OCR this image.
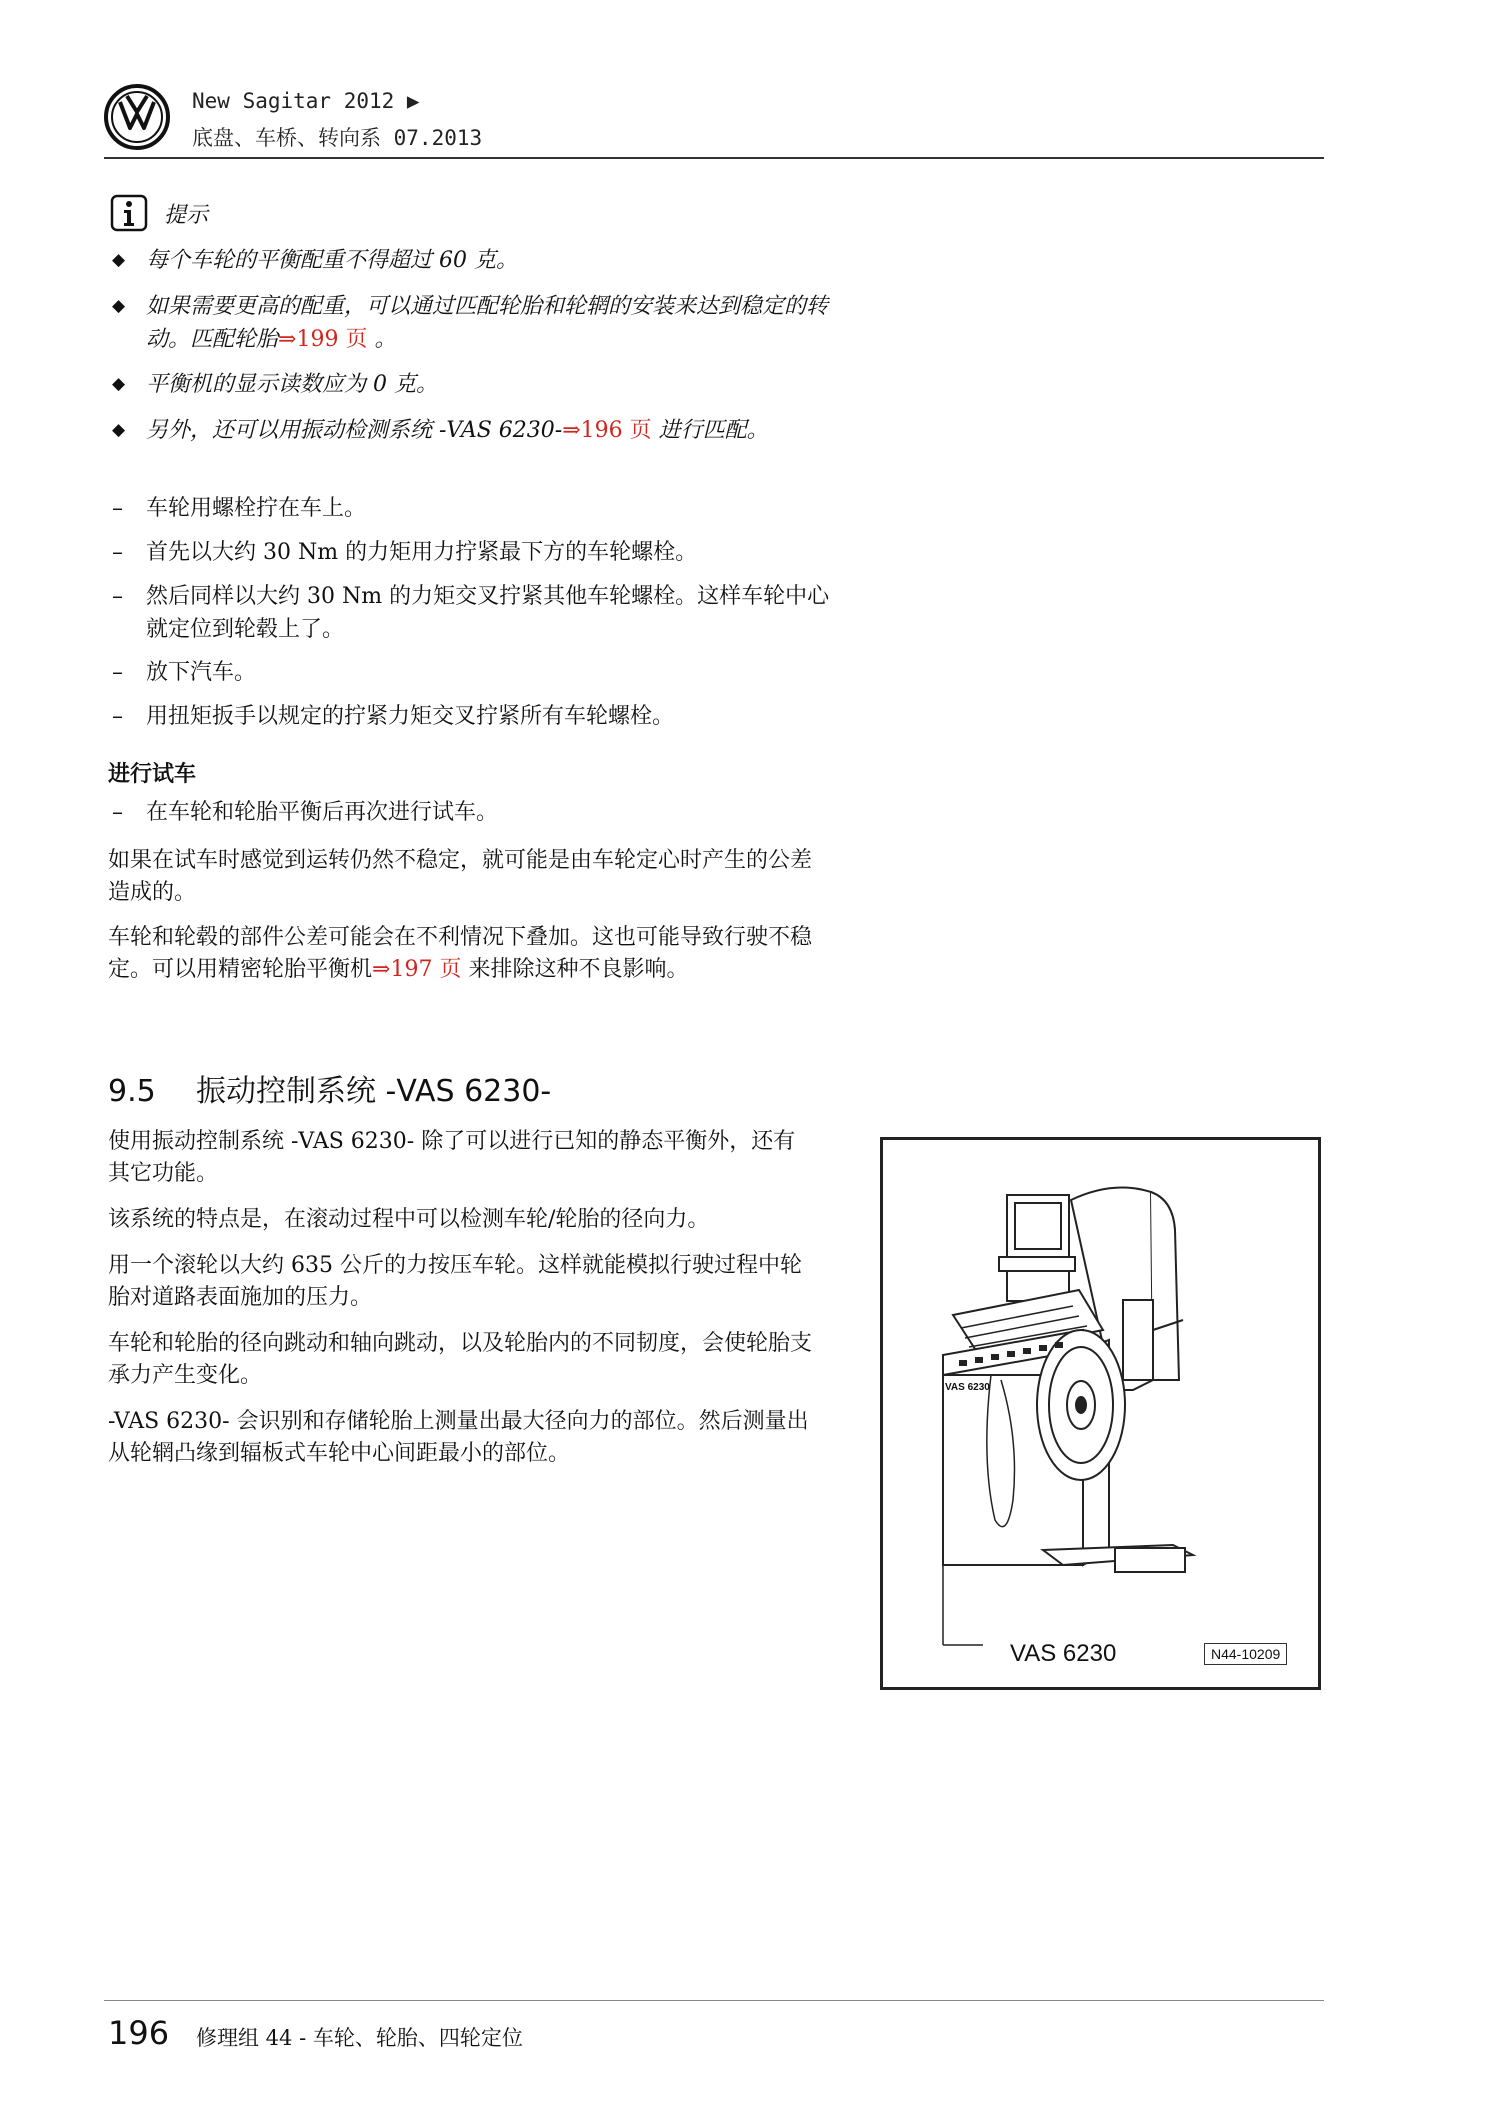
New Sagitar 2012 ▶
底盘、车桥、转向系 07.2013
提示
◆ 每个车轮的平衡配重不得超过 60 克。
◆ 如果需要更高的配重，可以通过匹配轮胎和轮辋的安装来达到稳定的转动。匹配轮胎⇒199 页 。
◆ 平衡机的显示读数应为 0 克。
◆ 另外，还可以用振动检测系统 -VAS 6230-⇒196 页 进行匹配。
–	车轮用螺栓拧在车上。
–	首先以大约 30 Nm 的力矩用力拧紧最下方的车轮螺栓。
–	然后同样以大约 30 Nm 的力矩交叉拧紧其他车轮螺栓。这样车轮中心就定位到轮毂上了。
–	放下汽车。
–	用扭矩扳手以规定的拧紧力矩交叉拧紧所有车轮螺栓。
进行试车
–	在车轮和轮胎平衡后再次进行试车。
如果在试车时感觉到运转仍然不稳定，就可能是由车轮定心时产生的公差造成的。
车轮和轮毂的部件公差可能会在不利情况下叠加。这也可能导致行驶不稳定。可以用精密轮胎平衡机⇒197 页 来排除这种不良影响。
9.5 振动控制系统 -VAS 6230-
使用振动控制系统 -VAS 6230- 除了可以进行已知的静态平衡外，还有其它功能。
该系统的特点是，在滚动过程中可以检测车轮/轮胎的径向力。
用一个滚轮以大约 635 公斤的力按压车轮。这样就能模拟行驶过程中轮胎对道路表面施加的压力。
车轮和轮胎的径向跳动和轴向跳动，以及轮胎内的不同韧度，会使轮胎支承力产生变化。
-VAS 6230- 会识别和存储轮胎上测量出最大径向力的部位。然后测量出从轮辋凸缘到辐板式车轮中心间距最小的部位。
VAS 6230
VAS 6230	N44-10209
196 修理组 44 - 车轮、轮胎、四轮定位
